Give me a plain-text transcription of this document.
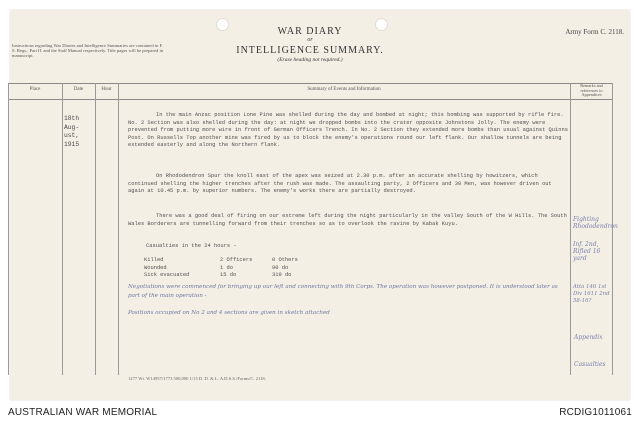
WAR DIARY
or
INTELLIGENCE SUMMARY.
(Erase heading not required.)
Army Form C. 2118.
Instructions regarding War Diaries and Intelligence Summaries are contained in F. S. Regs., Part II. and the Staff Manual respectively. Title pages will be prepared in manuscript.
Place	Date	Hour	Summary of Events and Information
Remarks and references to Appendices
18th
Aug-
ust,
1915

In the main Anzac position Lone Pine was shelled during the day and bombed at night; this bombing was supported by rifle fire. No. 2 Section was also shelled during the day: at night we dropped bombs into the crater opposite Johnstons Jolly. The enemy were prevented from putting more wire in front of German Officers Trench. In No. 2 Section they extended more bombs than usual against Quinns Post. On Russells Top another mine was fired by us to block the enemy's operations round our left flank. Our shallow tunnels are being extended easterly and along the Northern flank.

On Rhododendron Spur the knoll east of the apex was seized at 2.30 p.m. after an accurate shelling by howitzers, which continued shelling the higher trenches after the rush was made. The assaulting party, 2 Officers and 30 Men, was however driven out again at 10.45 p.m. by superior numbers. The enemy's works there are partially destroyed.

There was a good deal of firing on our extreme left during the night particularly in the valley South of the W Hills. The South Wales Borderers are tunnelling forward from their trenches so as to overlook the ravine by Kabak Kuyu.

Casualties in the 24 hours -
Killed	2 Officers	0 Others
Wounded	1 do	90 do
Sick evacuated	15 do	319 do
Negotiations were commenced for bringing up our left and connecting with 9th Corps. The operation was however postponed. It is understood later as part of the main operation -
Positions occupied on No 2 and 4 sections are given in sketch attached
Fighting Rhododendron
Inf. 2nd, Rifled 16 yard
Atta 146 1st Div 1611 2nd 58-16?
Appendix
Casualties
1277 Wt. W14957/1773 500,000 1/15 D. D. & L. A.D.S.S./Forms/C. 2118.
AUSTRALIAN WAR MEMORIAL	RCDIG1011061
